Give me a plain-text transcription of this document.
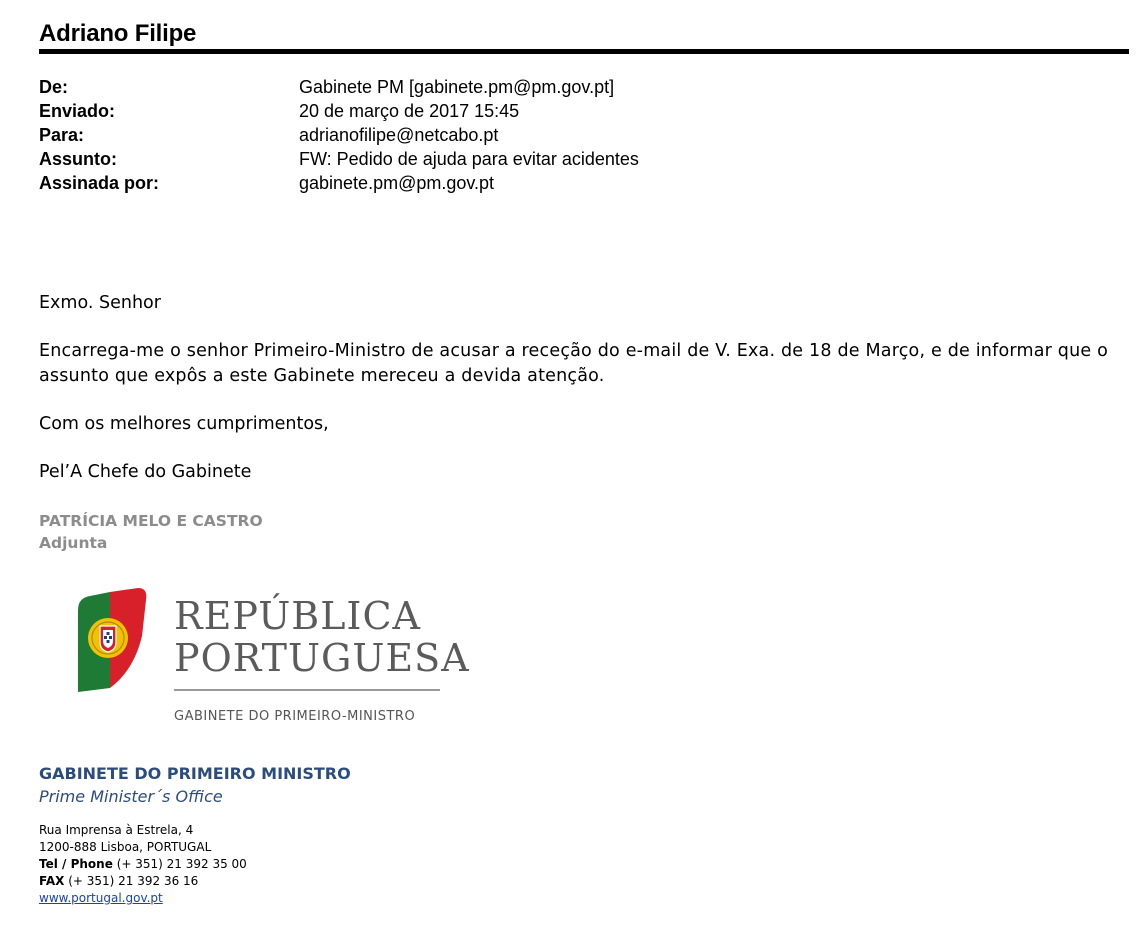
Adriano Filipe
De:	Gabinete PM [gabinete.pm@pm.gov.pt]
Enviado:	20 de março de 2017 15:45
Para:	adrianofilipe@netcabo.pt
Assunto:	FW: Pedido de ajuda para evitar acidentes
Assinada por:	gabinete.pm@pm.gov.pt

Exmo. Senhor

Encarrega-me o senhor Primeiro-Ministro de acusar a receção do e-mail de V. Exa. de 18 de Março, e de informar que o assunto que expôs a este Gabinete mereceu a devida atenção.

Com os melhores cumprimentos,

Pel’A Chefe do Gabinete

PATRÍCIA MELO E CASTRO
Adjunta
REPÚBLICA
PORTUGUESA
GABINETE DO PRIMEIRO-MINISTRO
GABINETE DO PRIMEIRO MINISTRO
Prime Minister´s Office
Rua Imprensa à Estrela, 4
1200-888 Lisboa, PORTUGAL
Tel / Phone (+ 351) 21 392 35 00
FAX (+ 351) 21 392 36 16
www.portugal.gov.pt
